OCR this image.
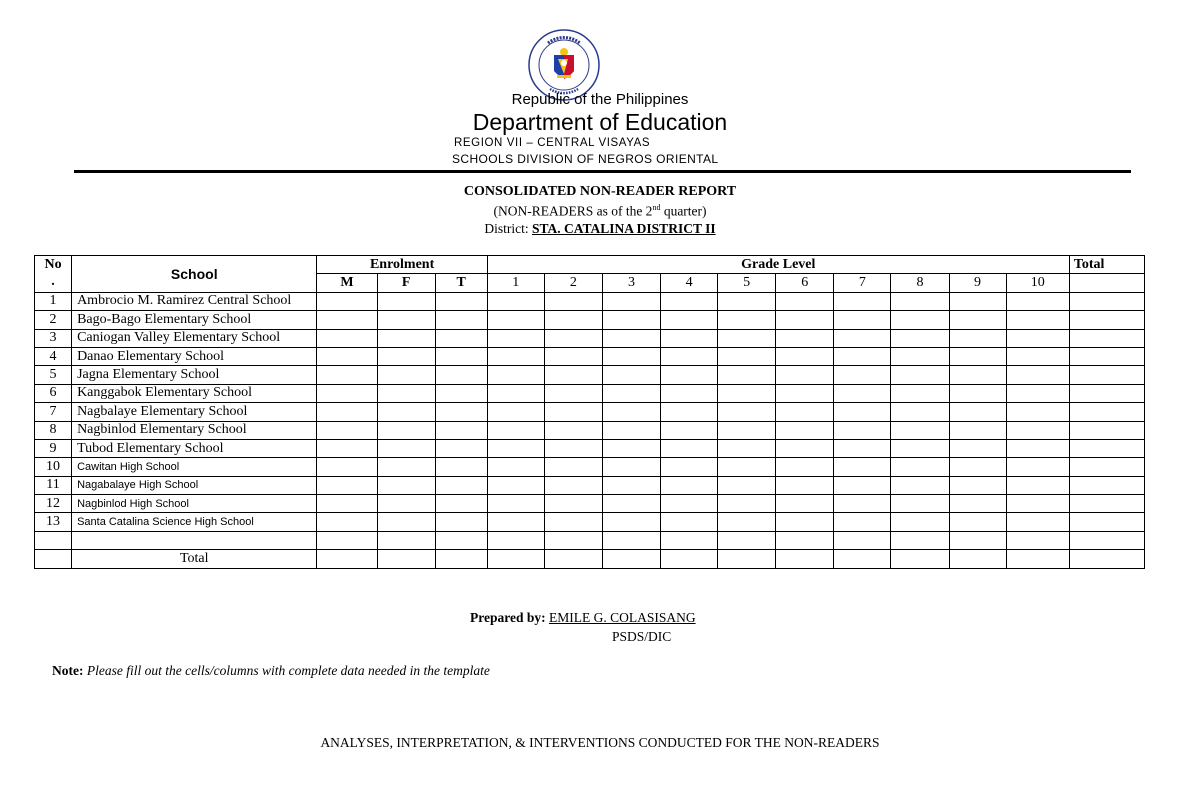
Republic of the Philippines
Department of Education
REGION VII – CENTRAL VISAYAS
SCHOOLS DIVISION OF NEGROS ORIENTAL
CONSOLIDATED NON-READER REPORT
(NON-READERS as of the 2nd quarter)
District: STA. CATALINA DISTRICT II
No
.	School	Enrolment			Grade Level										Total
		M	F	T	1	2	3	4	5	6	7	8	9	10	
1	Ambrocio M. Ramirez Central School														
2	Bago-Bago Elementary School														
3	Caniogan Valley Elementary School														
4	Danao Elementary School														
5	Jagna Elementary School														
6	Kanggabok Elementary School														
7	Nagbalaye Elementary School														
8	Nagbinlod Elementary School														
9	Tubod Elementary School														
10	Cawitan High School														
11	Nagabalaye High School														
12	Nagbinlod High School														
13	Santa Catalina Science High School														

	Total														
Prepared by: EMILE G. COLASISANG
PSDS/DIC
Note: Please fill out the cells/columns with complete data needed in the template
ANALYSES, INTERPRETATION, & INTERVENTIONS CONDUCTED FOR THE NON-READERS
